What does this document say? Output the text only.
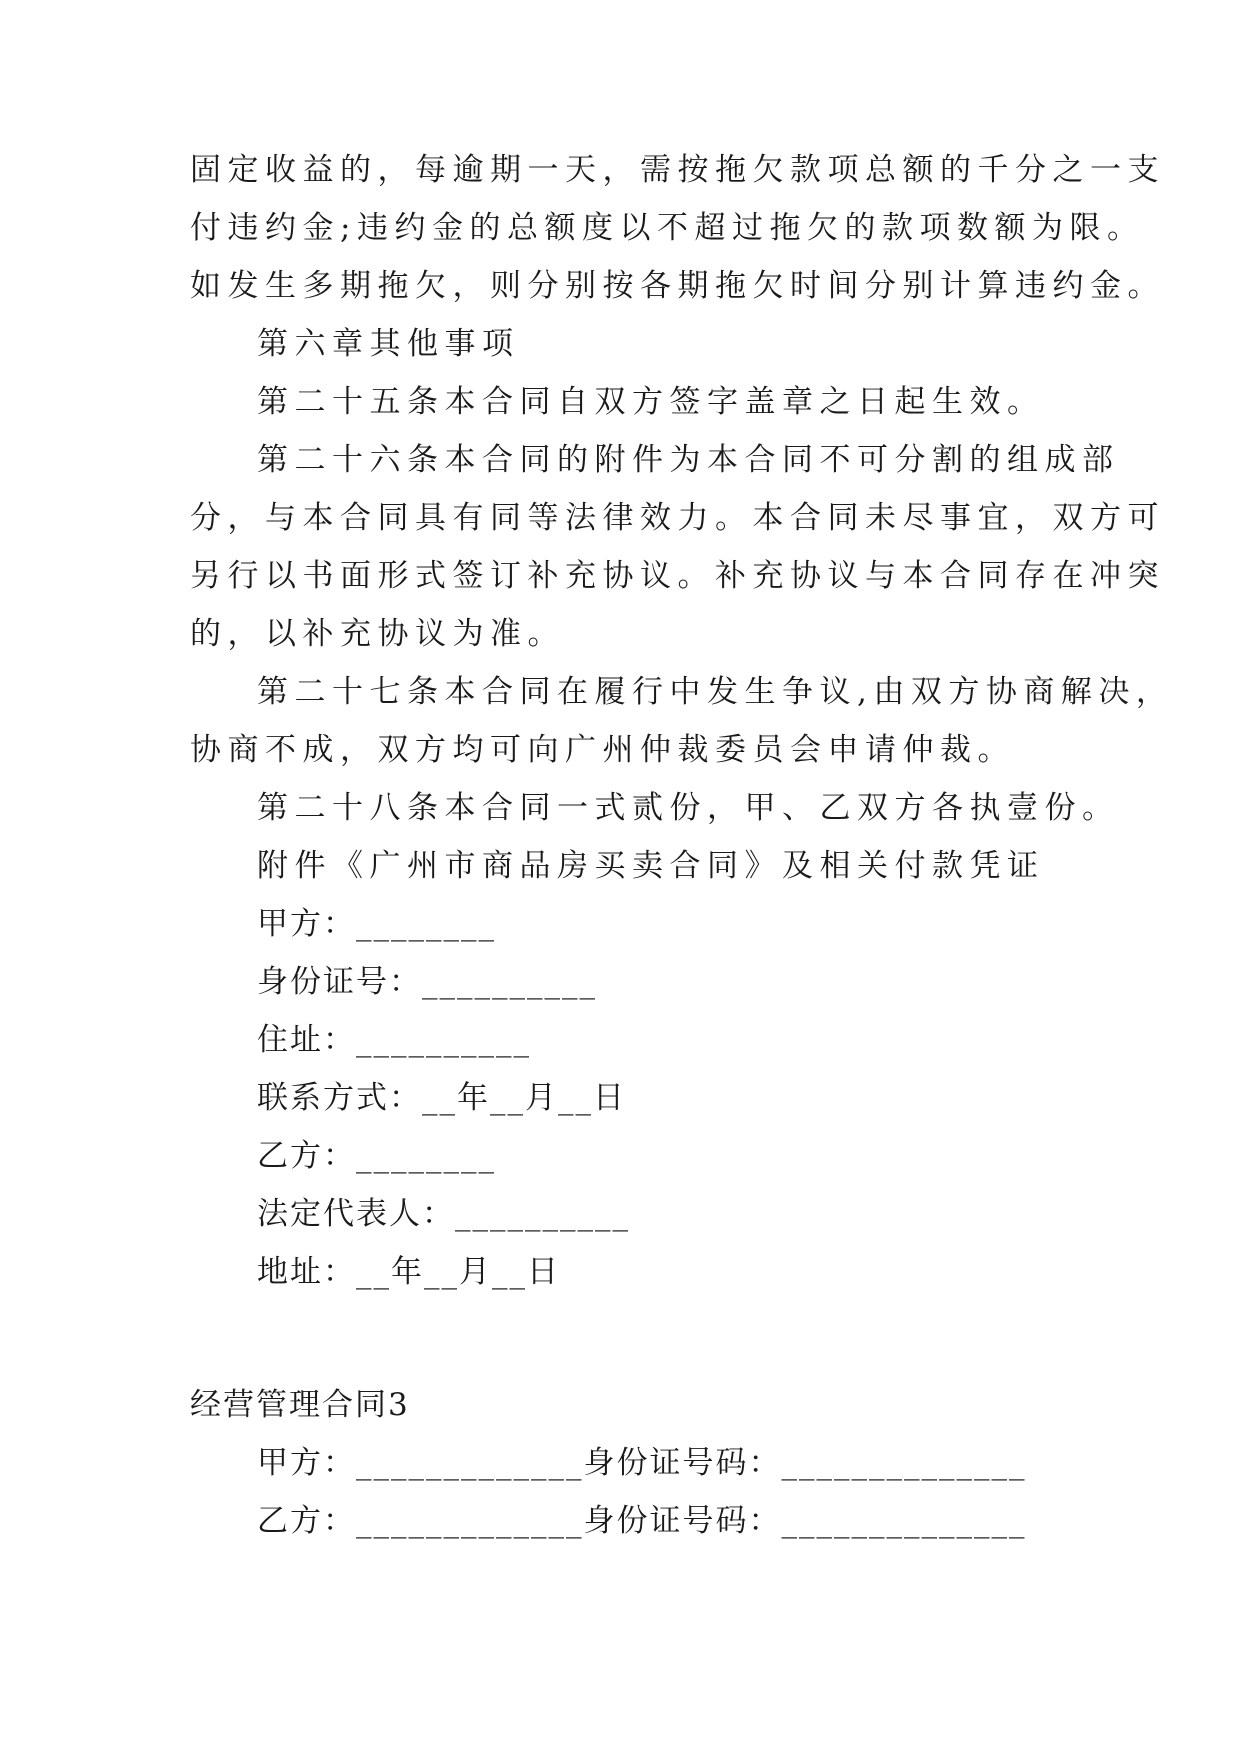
固定收益的，每逾期一天，需按拖欠款项总额的千分之一支
付违约金;违约金的总额度以不超过拖欠的款项数额为限。
如发生多期拖欠，则分别按各期拖欠时间分别计算违约金。
第六章其他事项
第二十五条本合同自双方签字盖章之日起生效。
第二十六条本合同的附件为本合同不可分割的组成部
分，与本合同具有同等法律效力。本合同未尽事宜，双方可
另行以书面形式签订补充协议。补充协议与本合同存在冲突
的，以补充协议为准。
第二十七条本合同在履行中发生争议,由双方协商解决，
协商不成，双方均可向广州仲裁委员会申请仲裁。
第二十八条本合同一式贰份，甲、乙双方各执壹份。
附件《广州市商品房买卖合同》及相关付款凭证
甲方：________
身份证号：__________
住址：__________
联系方式：__年__月__日
乙方：________
法定代表人：__________
地址：__年__月__日
经营管理合同3
甲方：_____________身份证号码：______________
乙方：_____________身份证号码：______________
